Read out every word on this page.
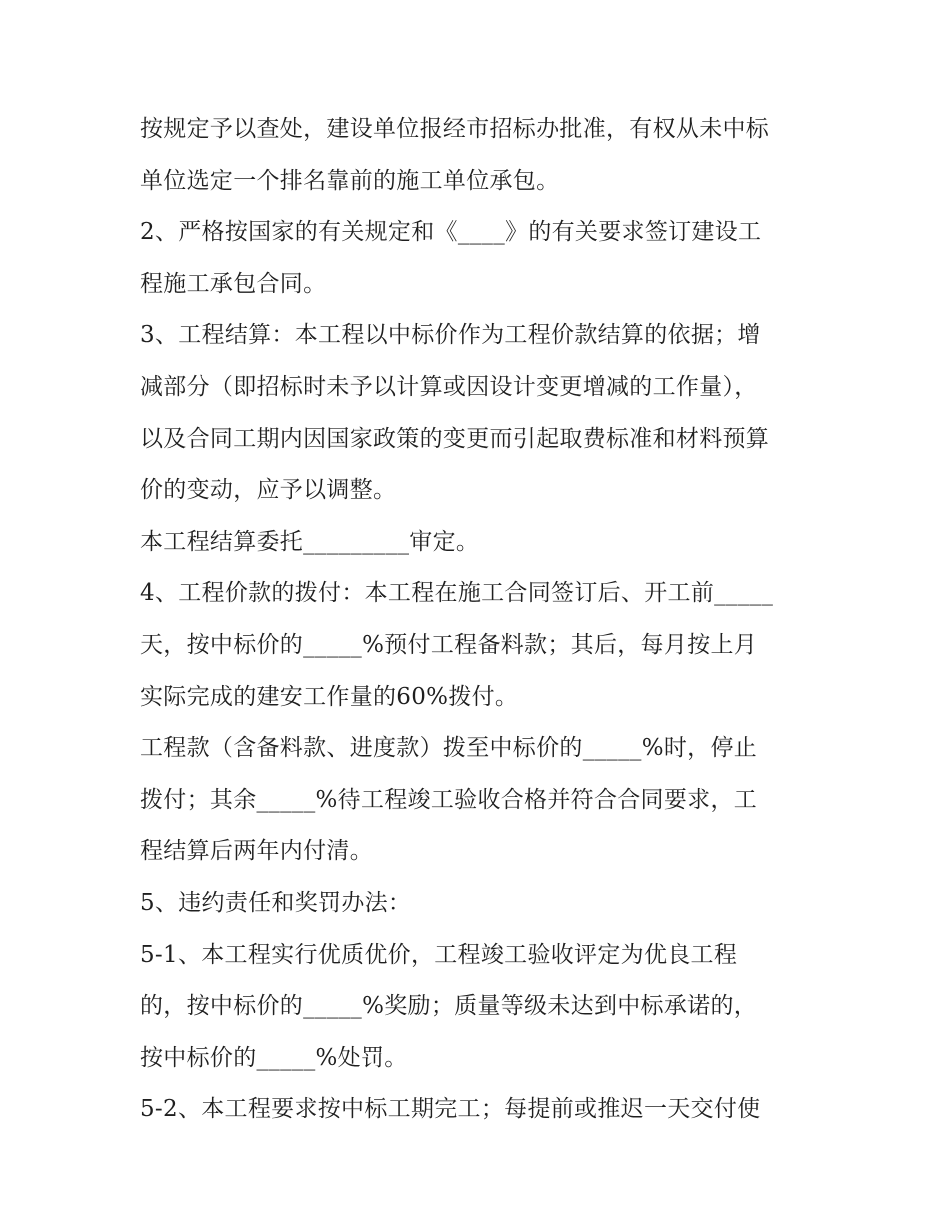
按规定予以查处，建设单位报经市招标办批准，有权从未中标
单位选定一个排名靠前的施工单位承包。
2、严格按国家的有关规定和《____》的有关要求签订建设工
程施工承包合同。
3、工程结算：本工程以中标价作为工程价款结算的依据；增
减部分（即招标时未予以计算或因设计变更增减的工作量），
以及合同工期内因国家政策的变更而引起取费标准和材料预算
价的变动，应予以调整。
本工程结算委托_________审定。
4、工程价款的拨付：本工程在施工合同签订后、开工前_____
天，按中标价的_____%预付工程备料款；其后，每月按上月
实际完成的建安工作量的60%拨付。
工程款（含备料款、进度款）拨至中标价的_____%时，停止
拨付；其余_____%待工程竣工验收合格并符合合同要求，工
程结算后两年内付清。
5、违约责任和奖罚办法：
5-1、本工程实行优质优价，工程竣工验收评定为优良工程
的，按中标价的_____%奖励；质量等级未达到中标承诺的，
按中标价的_____%处罚。
5-2、本工程要求按中标工期完工；每提前或推迟一天交付使
